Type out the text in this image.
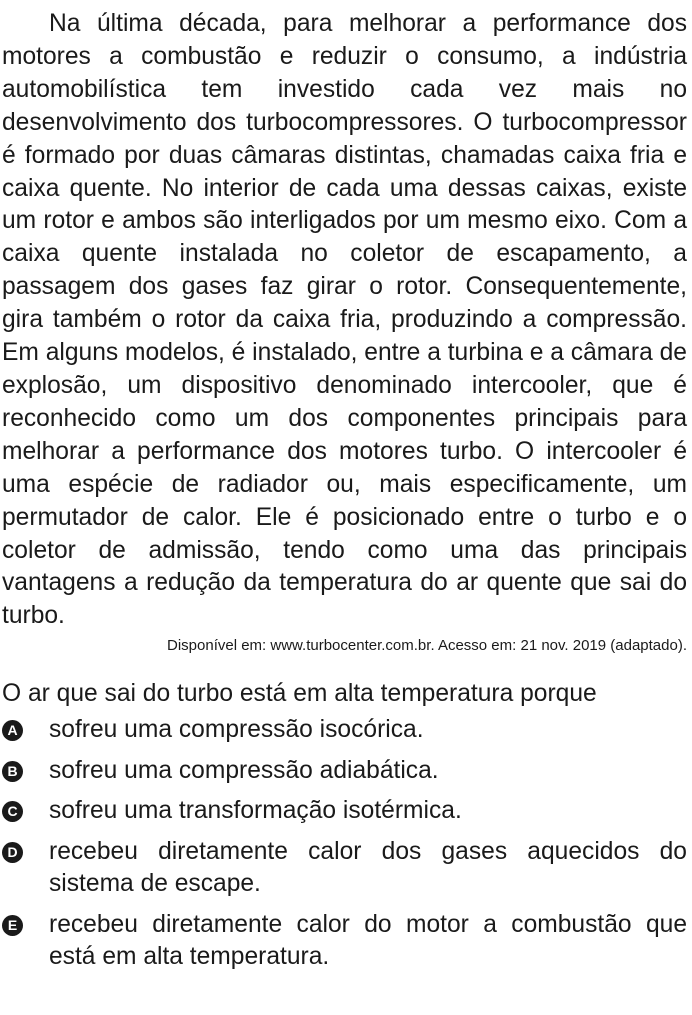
Na última década, para melhorar a performance dos motores a combustão e reduzir o consumo, a indústria automobilística tem investido cada vez mais no desenvolvimento dos turbocompressores. O turbocompressor é formado por duas câmaras distintas, chamadas caixa fria e caixa quente. No interior de cada uma dessas caixas, existe um rotor e ambos são interligados por um mesmo eixo. Com a caixa quente instalada no coletor de escapamento, a passagem dos gases faz girar o rotor. Consequentemente, gira também o rotor da caixa fria, produzindo a compressão. Em alguns modelos, é instalado, entre a turbina e a câmara de explosão, um dispositivo denominado intercooler, que é reconhecido como um dos componentes principais para melhorar a performance dos motores turbo. O intercooler é uma espécie de radiador ou, mais especificamente, um permutador de calor. Ele é posicionado entre o turbo e o coletor de admissão, tendo como uma das principais vantagens a redução da temperatura do ar quente que sai do turbo.

Disponível em: www.turbocenter.com.br. Acesso em: 21 nov. 2019 (adaptado).

O ar que sai do turbo está em alta temperatura porque

A sofreu uma compressão isocórica.
B sofreu uma compressão adiabática.
C sofreu uma transformação isotérmica.
D recebeu diretamente calor dos gases aquecidos do sistema de escape.
E recebeu diretamente calor do motor a combustão que está em alta temperatura.
